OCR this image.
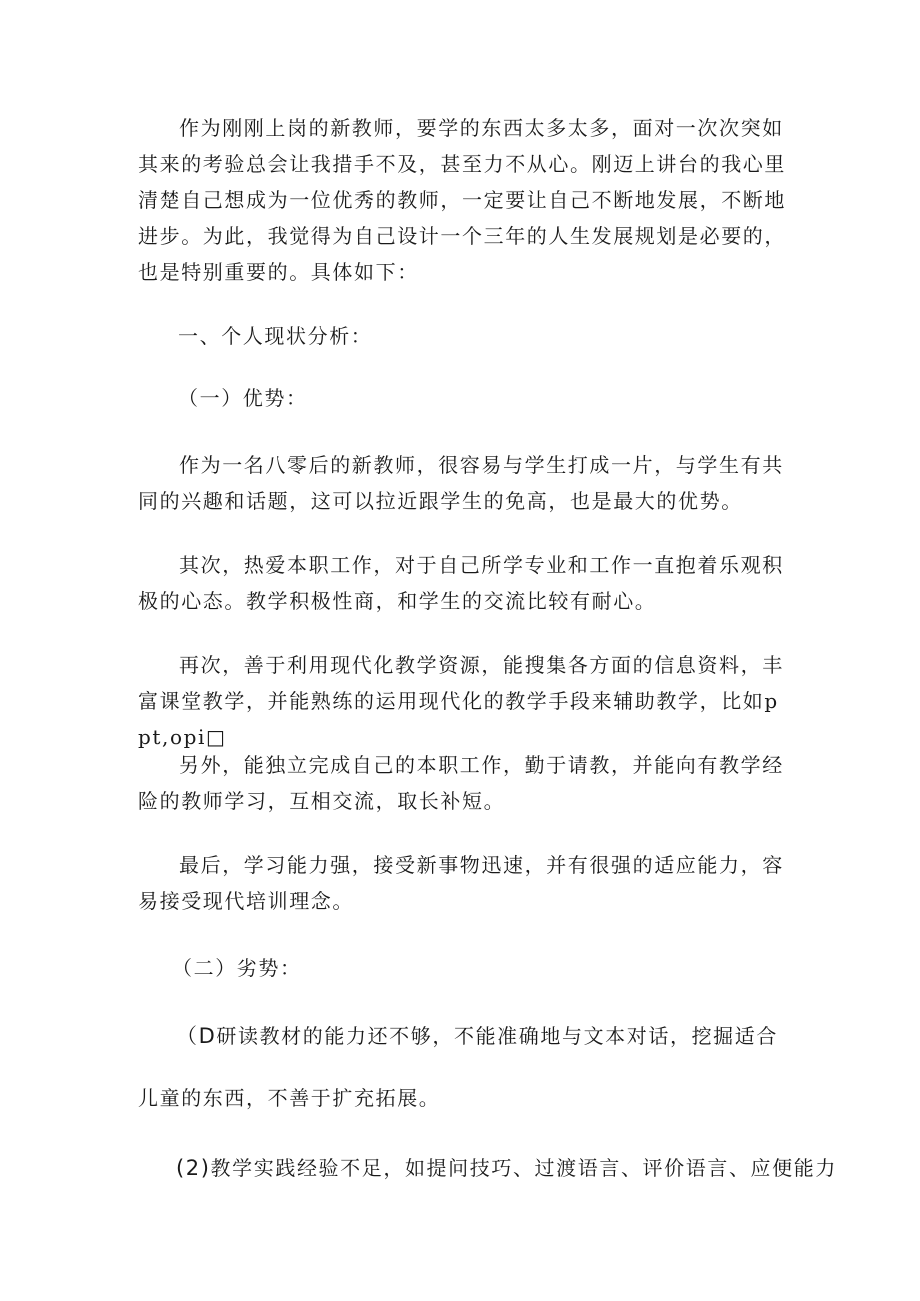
作为刚刚上岗的新教师，要学的东西太多太多，面对一次次突如其来的考验总会让我措手不及，甚至力不从心。刚迈上讲台的我心里清楚自己想成为一位优秀的教师，一定要让自己不断地发展，不断地进步。为此，我觉得为自己设计一个三年的人生发展规划是必要的，也是特别重要的。具体如下：

一、个人现状分析：

（一）优势：

作为一名八零后的新教师，很容易与学生打成一片，与学生有共同的兴趣和话题，这可以拉近跟学生的免高，也是最大的优势。

其次，热爱本职工作，对于自己所学专业和工作一直抱着乐观积极的心态。教学积极性商，和学生的交流比较有耐心。

再次，善于利用现代化教学资源，能搜集各方面的信息资料，丰富课堂教学，并能熟练的运用现代化的教学手段来辅助教学，比如ppt,opi□

另外，能独立完成自己的本职工作，勤于请教，并能向有教学经险的教师学习，互相交流，取长补短。

最后，学习能力强，接受新事物迅速，并有很强的适应能力，容易接受现代培训理念。

（二）劣势：

（D研读教材的能力还不够，不能准确地与文本对话，挖掘适合

儿童的东西，不善于扩充拓展。

(2)教学实践经验不足，如提问技巧、过渡语言、评价语言、应便能力
